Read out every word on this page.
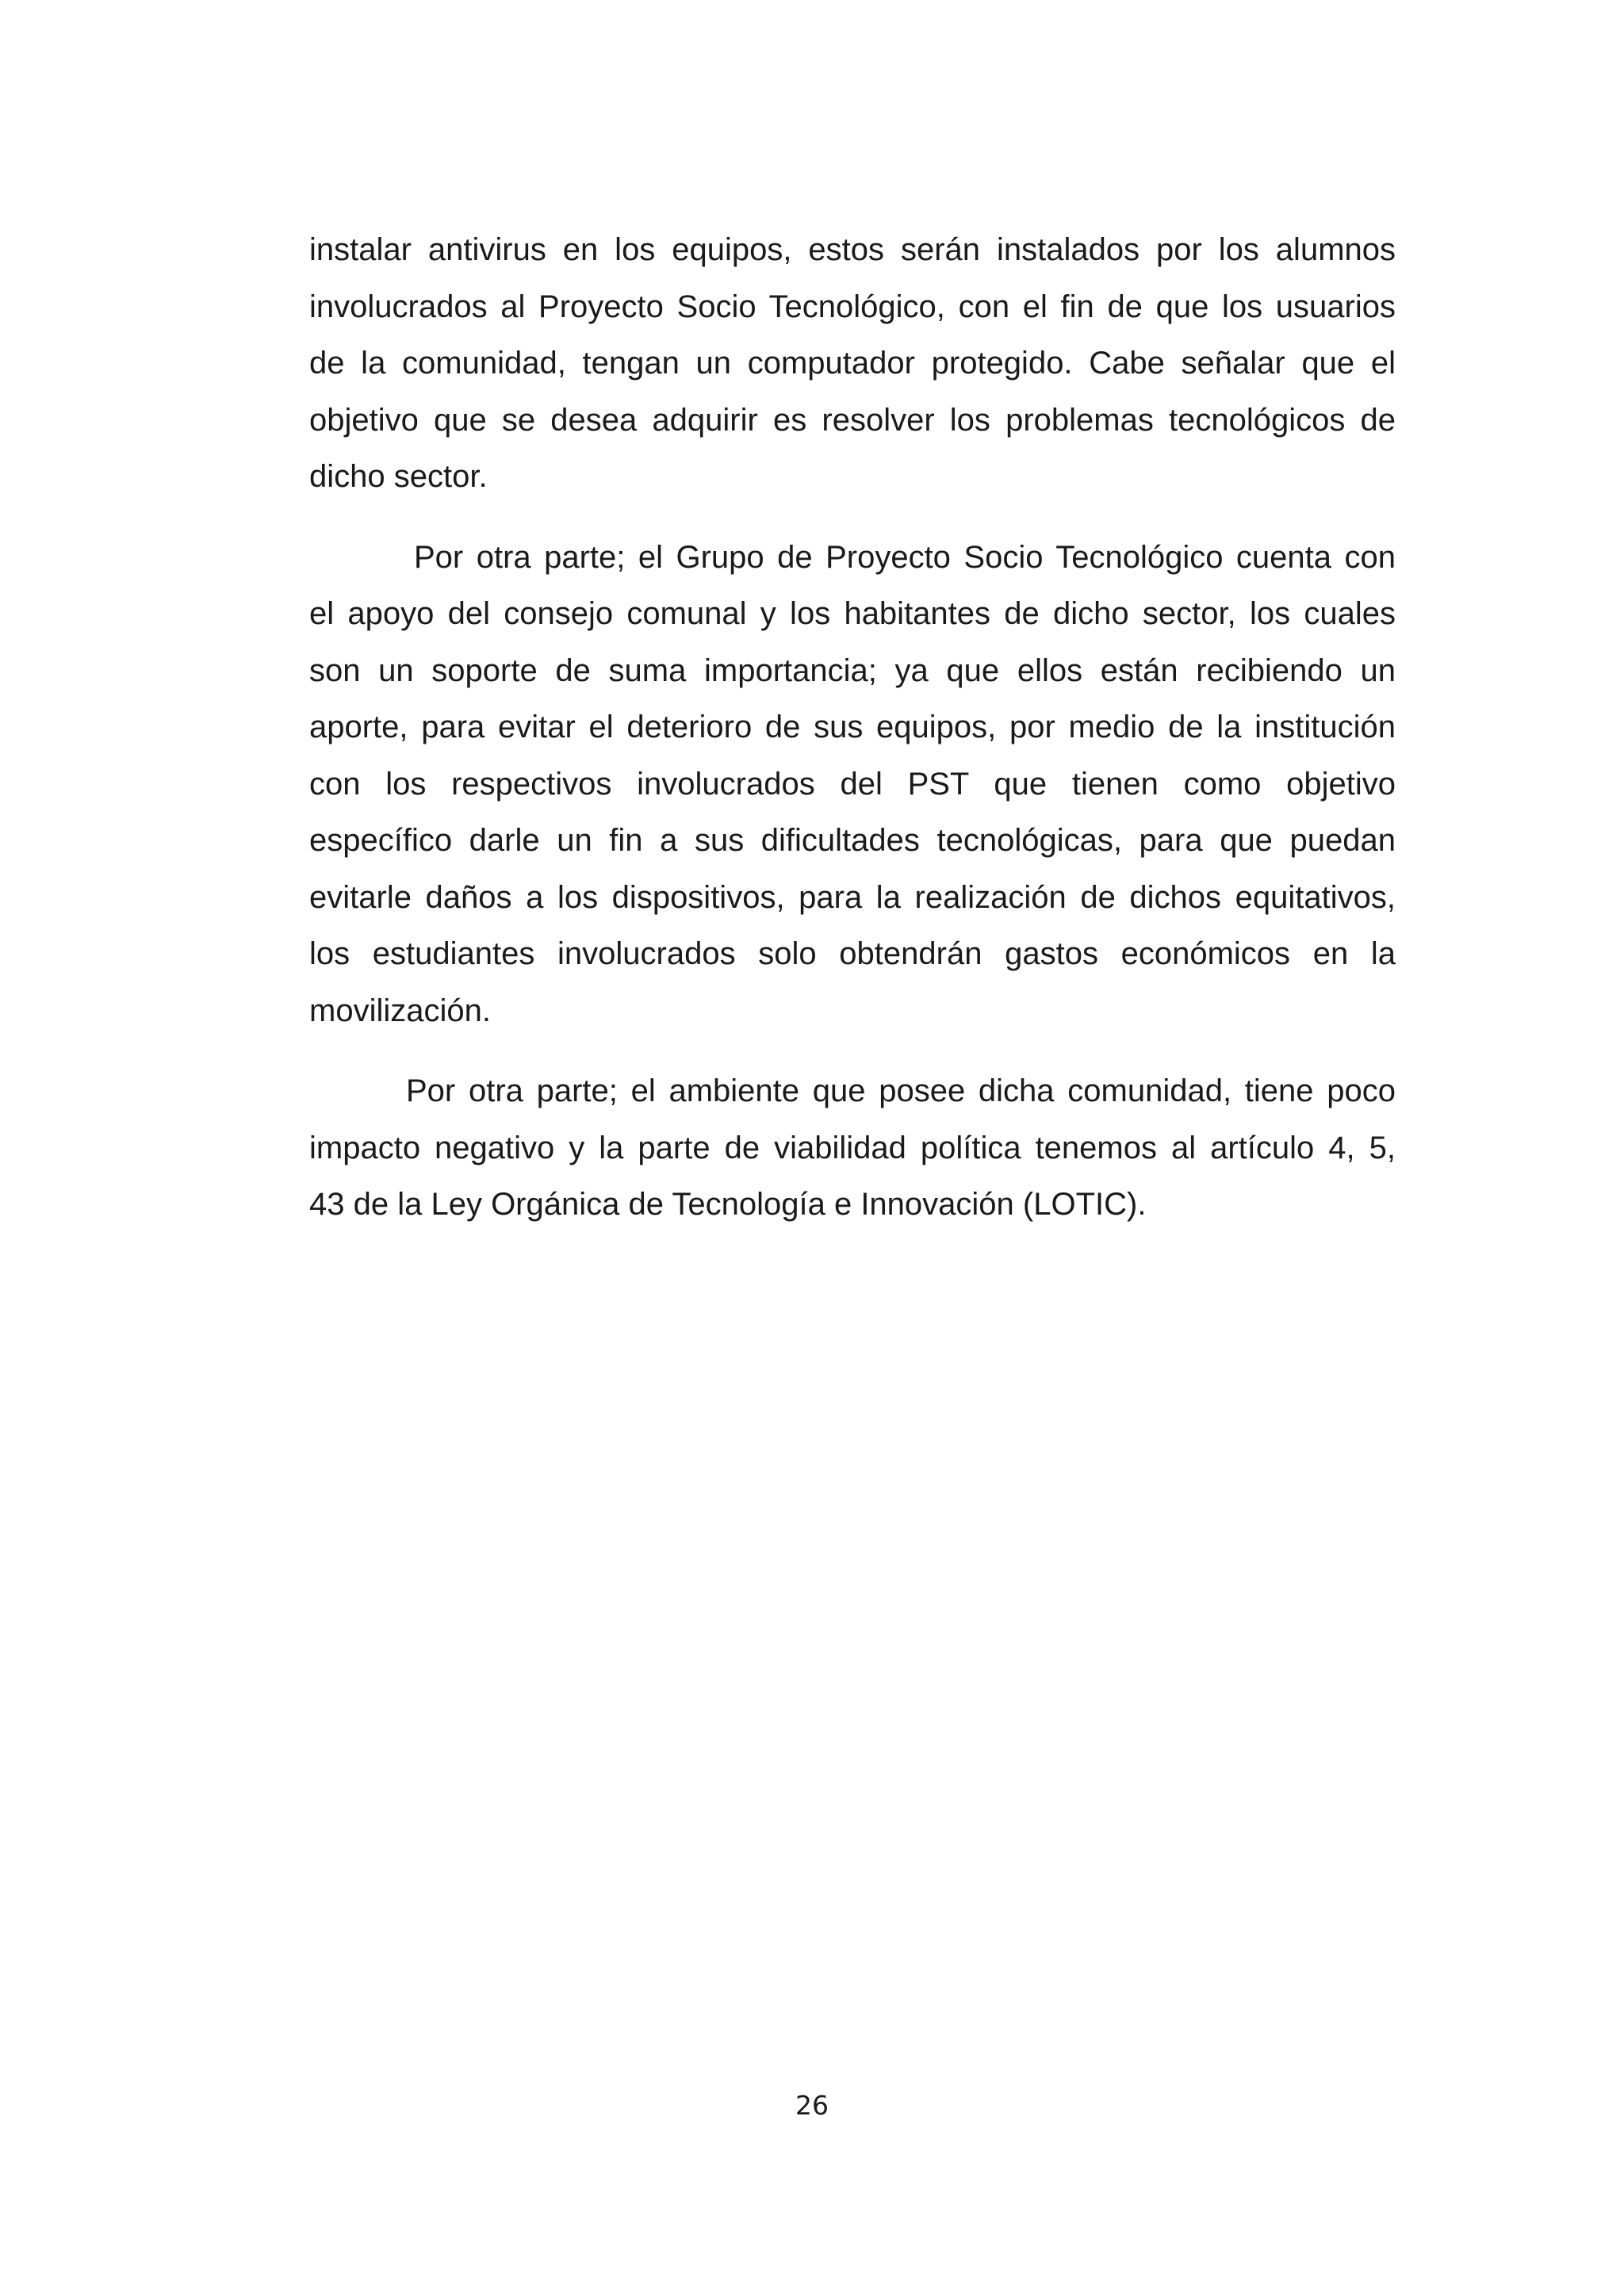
instalar antivirus en los equipos, estos serán instalados por los alumnos
involucrados al Proyecto Socio Tecnológico, con el fin de que los usuarios
de la comunidad, tengan un computador protegido. Cabe señalar que el
objetivo que se desea adquirir es resolver los problemas tecnológicos de
dicho sector.
Por otra parte; el Grupo de Proyecto Socio Tecnológico cuenta con
el apoyo del consejo comunal y los habitantes de dicho sector, los cuales
son un soporte de suma importancia; ya que ellos están recibiendo un
aporte, para evitar el deterioro de sus equipos, por medio de la institución
con los respectivos involucrados del PST que tienen como objetivo
específico darle un fin a sus dificultades tecnológicas, para que puedan
evitarle daños a los dispositivos, para la realización de dichos equitativos,
los estudiantes involucrados solo obtendrán gastos económicos en la
movilización.
Por otra parte; el ambiente que posee dicha comunidad, tiene poco
impacto negativo y la parte de viabilidad política tenemos al artículo 4, 5,
43 de la Ley Orgánica de Tecnología e Innovación (LOTIC).
26
